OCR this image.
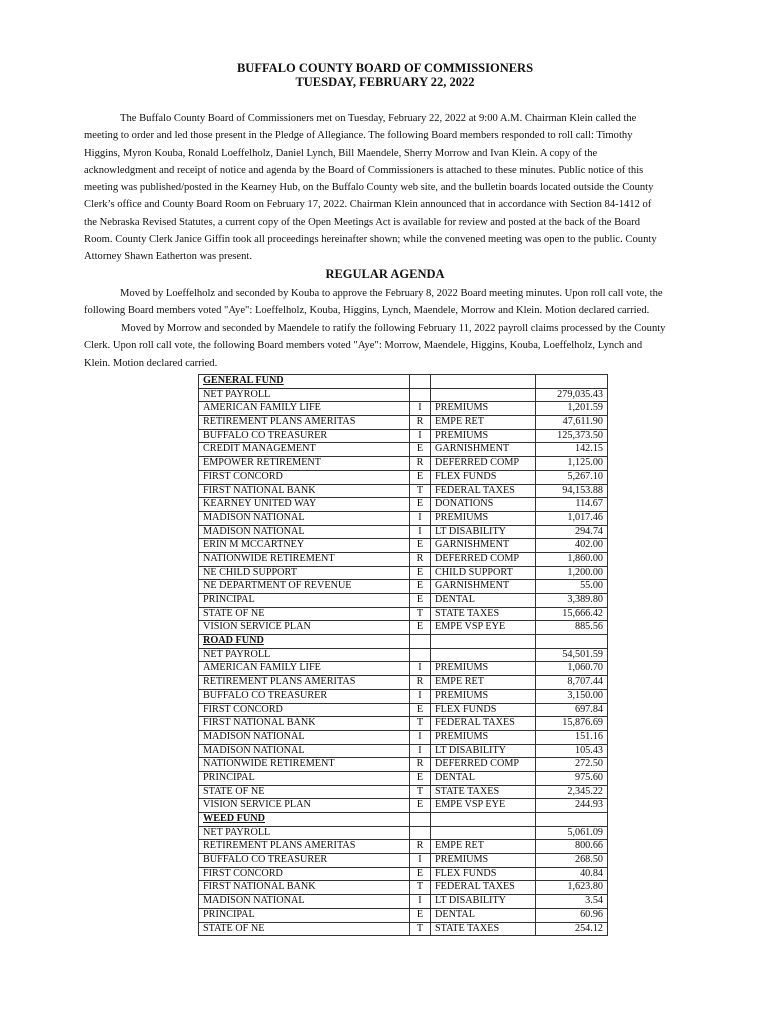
BUFFALO COUNTY BOARD OF COMMISSIONERS
TUESDAY, FEBRUARY 22, 2022
The Buffalo County Board of Commissioners met on Tuesday, February 22, 2022 at 9:00 A.M. Chairman Klein called the
meeting to order and led those present in the Pledge of Allegiance. The following Board members responded to roll call: Timothy
Higgins, Myron Kouba, Ronald Loeffelholz, Daniel Lynch, Bill Maendele, Sherry Morrow and Ivan Klein. A copy of the
acknowledgment and receipt of notice and agenda by the Board of Commissioners is attached to these minutes. Public notice of this
meeting was published/posted in the Kearney Hub, on the Buffalo County web site, and the bulletin boards located outside the County
Clerk’s office and County Board Room on February 17, 2022. Chairman Klein announced that in accordance with Section 84-1412 of
the Nebraska Revised Statutes, a current copy of the Open Meetings Act is available for review and posted at the back of the Board
Room. County Clerk Janice Giffin took all proceedings hereinafter shown; while the convened meeting was open to the public. County
Attorney Shawn Eatherton was present.
REGULAR AGENDA
Moved by Loeffelholz and seconded by Kouba to approve the February 8, 2022 Board meeting minutes. Upon roll call vote, the
following Board members voted "Aye": Loeffelholz, Kouba, Higgins, Lynch, Maendele, Morrow and Klein. Motion declared carried.
Moved by Morrow and seconded by Maendele to ratify the following February 11, 2022 payroll claims processed by the County
Clerk. Upon roll call vote, the following Board members voted "Aye": Morrow, Maendele, Higgins, Kouba, Loeffelholz, Lynch and
Klein. Motion declared carried.
GENERAL FUND			
NET PAYROLL			279,035.43
AMERICAN FAMILY LIFE	I	PREMIUMS	1,201.59
RETIREMENT PLANS AMERITAS	R	EMPE RET	47,611.90
BUFFALO CO TREASURER	I	PREMIUMS	125,373.50
CREDIT MANAGEMENT	E	GARNISHMENT	142.15
EMPOWER RETIREMENT	R	DEFERRED COMP	1,125.00
FIRST CONCORD	E	FLEX FUNDS	5,267.10
FIRST NATIONAL BANK	T	FEDERAL TAXES	94,153.88
KEARNEY UNITED WAY	E	DONATIONS	114.67
MADISON NATIONAL	I	PREMIUMS	1,017.46
MADISON NATIONAL	I	LT DISABILITY	294.74
ERIN M MCCARTNEY	E	GARNISHMENT	402.00
NATIONWIDE RETIREMENT	R	DEFERRED COMP	1,860.00
NE CHILD SUPPORT	E	CHILD SUPPORT	1,200.00
NE DEPARTMENT OF REVENUE	E	GARNISHMENT	55.00
PRINCIPAL	E	DENTAL	3,389.80
STATE OF NE	T	STATE TAXES	15,666.42
VISION SERVICE PLAN	E	EMPE VSP EYE	885.56
ROAD FUND			
NET PAYROLL			54,501.59
AMERICAN FAMILY LIFE	I	PREMIUMS	1,060.70
RETIREMENT PLANS AMERITAS	R	EMPE RET	8,707.44
BUFFALO CO TREASURER	I	PREMIUMS	3,150.00
FIRST CONCORD	E	FLEX FUNDS	697.84
FIRST NATIONAL BANK	T	FEDERAL TAXES	15,876.69
MADISON NATIONAL	I	PREMIUMS	151.16
MADISON NATIONAL	I	LT DISABILITY	105.43
NATIONWIDE RETIREMENT	R	DEFERRED COMP	272.50
PRINCIPAL	E	DENTAL	975.60
STATE OF NE	T	STATE TAXES	2,345.22
VISION SERVICE PLAN	E	EMPE VSP EYE	244.93
WEED FUND			
NET PAYROLL			5,061.09
RETIREMENT PLANS AMERITAS	R	EMPE RET	800.66
BUFFALO CO TREASURER	I	PREMIUMS	268.50
FIRST CONCORD	E	FLEX FUNDS	40.84
FIRST NATIONAL BANK	T	FEDERAL TAXES	1,623.80
MADISON NATIONAL	I	LT DISABILITY	3.54
PRINCIPAL	E	DENTAL	60.96
STATE OF NE	T	STATE TAXES	254.12
